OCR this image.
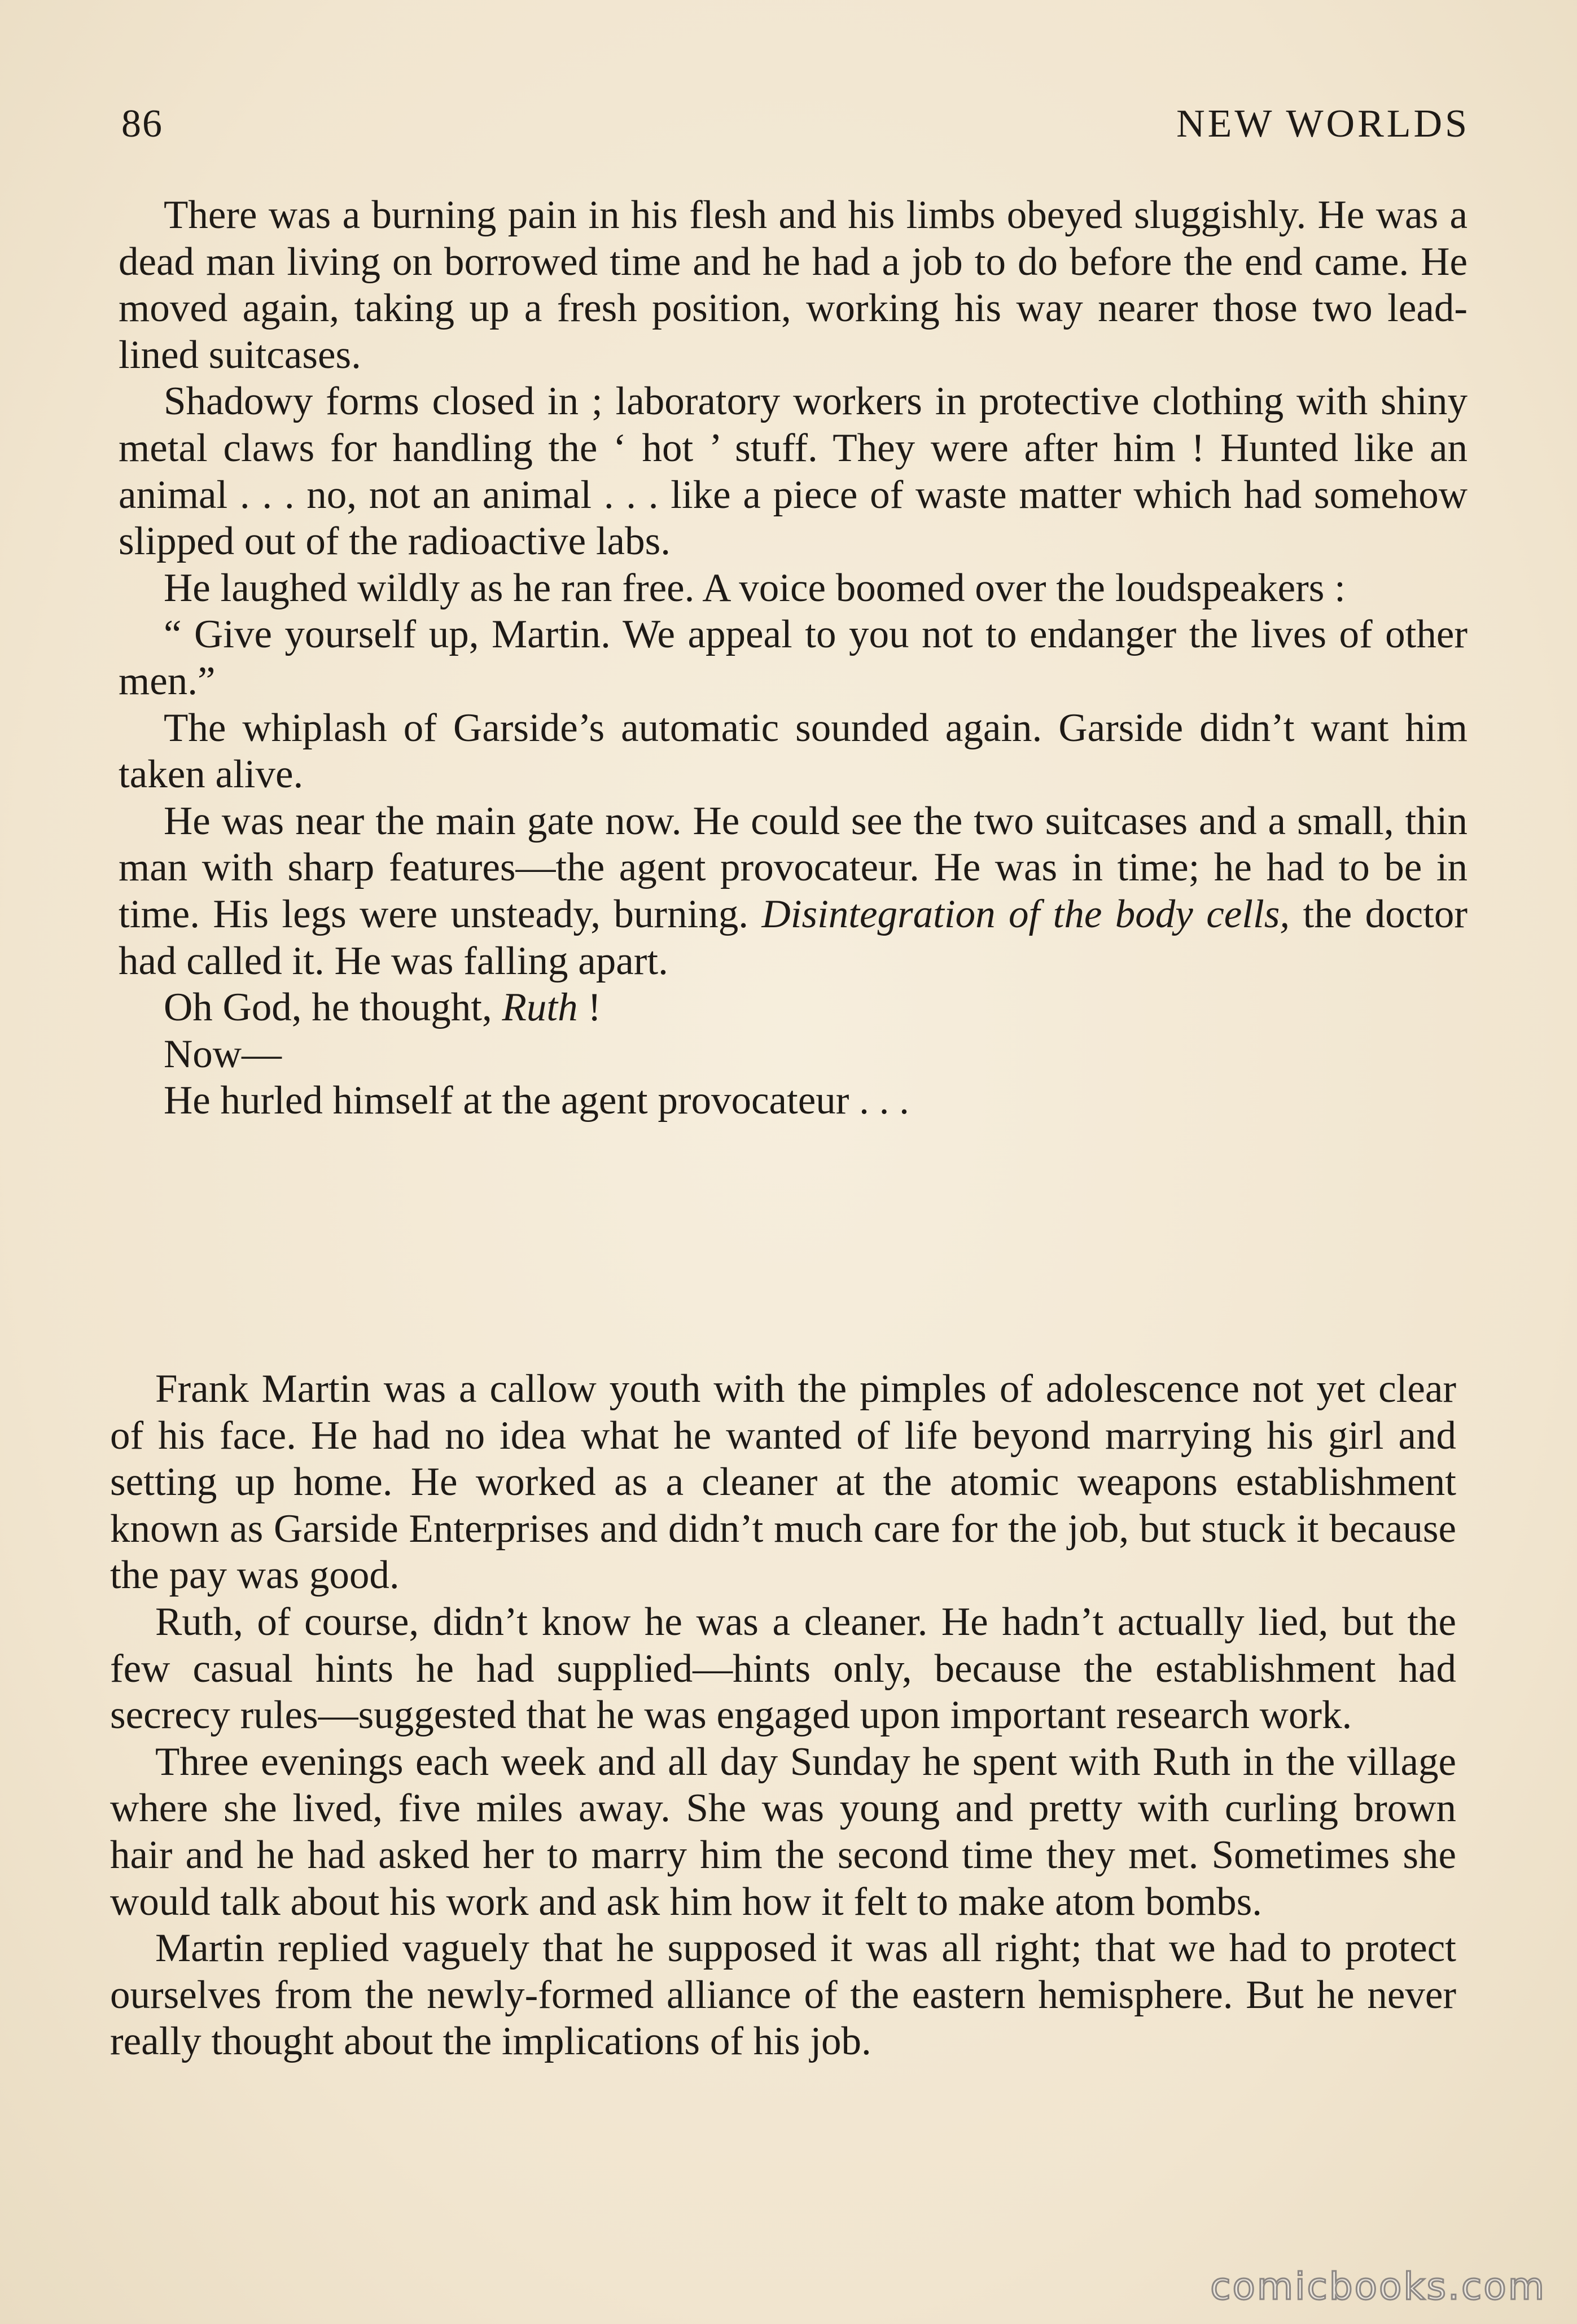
86	NEW WORLDS

There was a burning pain in his flesh and his limbs obeyed sluggishly. He was a dead man living on borrowed time and he had a job to do before the end came. He moved again, taking up a fresh position, working his way nearer those two lead-lined suitcases.

Shadowy forms closed in ; laboratory workers in protective clothing with shiny metal claws for handling the ‘ hot ’ stuff. They were after him ! Hunted like an animal . . . no, not an animal . . . like a piece of waste matter which had somehow slipped out of the radioactive labs.

He laughed wildly as he ran free. A voice boomed over the loudspeakers :

“ Give yourself up, Martin. We appeal to you not to endanger the lives of other men.”

The whiplash of Garside’s automatic sounded again. Garside didn’t want him taken alive.

He was near the main gate now. He could see the two suitcases and a small, thin man with sharp features—the agent provocateur. He was in time; he had to be in time. His legs were unsteady, burning. Disintegration of the body cells, the doctor had called it. He was falling apart.

Oh God, he thought, Ruth !

Now—

He hurled himself at the agent provocateur . . .

Frank Martin was a callow youth with the pimples of adolescence not yet clear of his face. He had no idea what he wanted of life beyond marrying his girl and setting up home. He worked as a cleaner at the atomic weapons establishment known as Garside Enterprises and didn’t much care for the job, but stuck it because the pay was good.

Ruth, of course, didn’t know he was a cleaner. He hadn’t actually lied, but the few casual hints he had supplied—hints only, because the establishment had secrecy rules—suggested that he was engaged upon important research work.

Three evenings each week and all day Sunday he spent with Ruth in the village where she lived, five miles away. She was young and pretty with curling brown hair and he had asked her to marry him the second time they met. Sometimes she would talk about his work and ask him how it felt to make atom bombs.

Martin replied vaguely that he supposed it was all right; that we had to protect ourselves from the newly-formed alliance of the eastern hemisphere. But he never really thought about the implications of his job.

comicbooks.com
